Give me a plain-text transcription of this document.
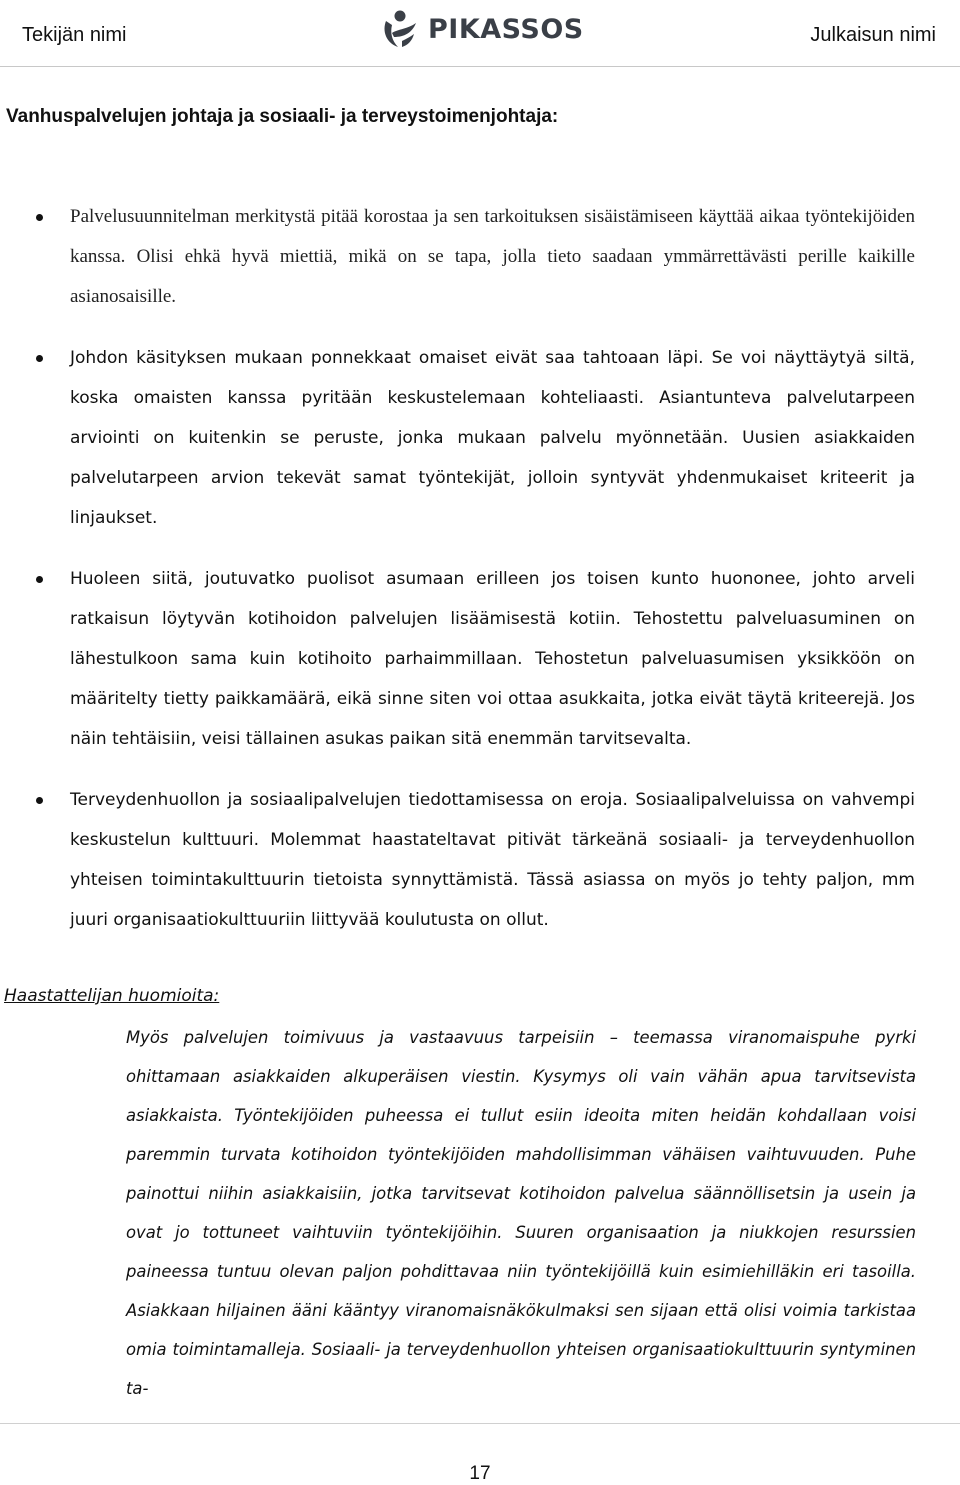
Tekijän nimi	PIKASSOS	Julkaisun nimi
Vanhuspalvelujen johtaja ja sosiaali- ja terveystoimenjohtaja:
Palvelusuunnitelman merkitystä pitää korostaa ja sen tarkoituksen sisäistämiseen käyttää aikaa työntekijöiden kanssa. Olisi ehkä hyvä miettiä, mikä on se tapa, jolla tieto saadaan ymmärrettävästi perille kaikille asianosaisille.
Johdon käsityksen mukaan ponnekkaat omaiset eivät saa tahtoaan läpi. Se voi näyttäytyä siltä, koska omaisten kanssa pyritään keskustelemaan kohteliaasti. Asiantunteva palvelutarpeen arviointi on kuitenkin se peruste, jonka mukaan palvelu myönnetään. Uusien asiakkaiden palvelutarpeen arvion tekevät samat työntekijät, jolloin syntyvät yhdenmukaiset kriteerit ja linjaukset.
Huoleen siitä, joutuvatko puolisot asumaan erilleen jos toisen kunto huononee, johto arveli ratkaisun löytyvän kotihoidon palvelujen lisäämisestä kotiin. Tehostettu palveluasuminen on lähestulkoon sama kuin kotihoito parhaimmillaan. Tehostetun palveluasumisen yksikköön on määritelty tietty paikkamäärä, eikä sinne siten voi ottaa asukkaita, jotka eivät täytä kriteerejä. Jos näin tehtäisiin, veisi tällainen asukas paikan sitä enemmän tarvitsevalta.
Terveydenhuollon ja sosiaalipalvelujen tiedottamisessa on eroja. Sosiaalipalveluissa on vahvempi keskustelun kulttuuri. Molemmat haastateltavat pitivät tärkeänä sosiaali- ja terveydenhuollon yhteisen toimintakulttuurin tietoista synnyttämistä. Tässä asiassa on myös jo tehty paljon, mm juuri organisaatiokulttuuriin liittyvää koulutusta on ollut.
Haastattelijan huomioita:
Myös palvelujen toimivuus ja vastaavuus tarpeisiin – teemassa viranomaispuhe pyrki ohittamaan asiakkaiden alkuperäisen viestin. Kysymys oli vain vähän apua tarvitsevista asiakkaista. Työntekijöiden puheessa ei tullut esiin ideoita miten heidän kohdallaan voisi paremmin turvata kotihoidon työntekijöiden mahdollisimman vähäisen vaihtuvuuden. Puhe painottui niihin asiakkaisiin, jotka tarvitsevat kotihoidon palvelua säännöllisetsin ja usein ja ovat jo tottuneet vaihtuviin työntekijöihin. Suuren organisaation ja niukkojen resurssien paineessa tuntuu olevan paljon pohdittavaa niin työntekijöillä kuin esimiehilläkin eri tasoilla. Asiakkaan hiljainen ääni kääntyy viranomaisnäkökulmaksi sen sijaan että olisi voimia tarkistaa omia toimintamalleja. Sosiaali- ja terveydenhuollon yhteisen organisaatiokulttuurin syntyminen ta-
17
